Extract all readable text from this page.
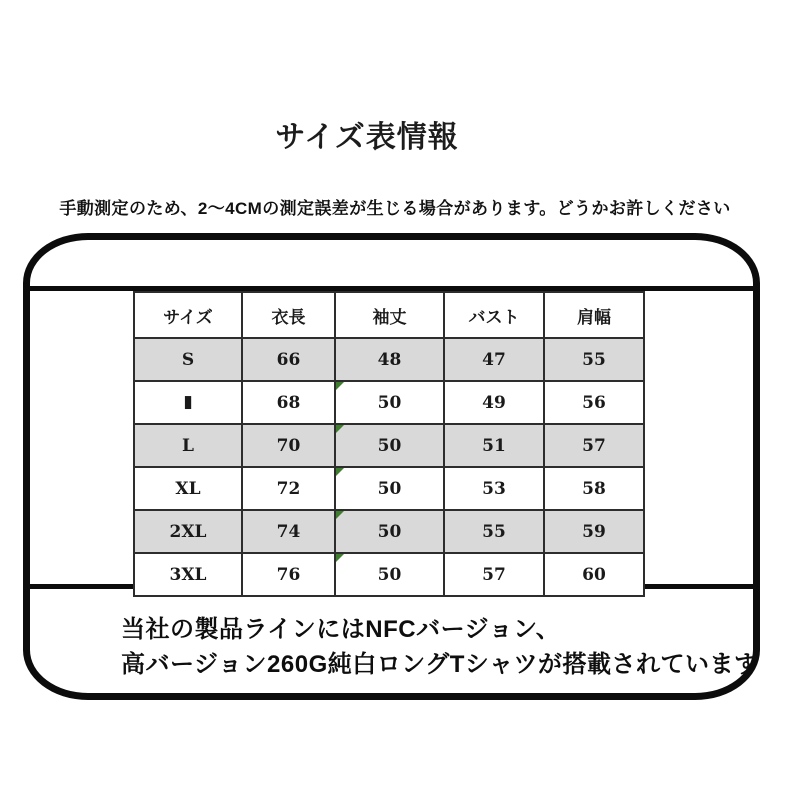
サイズ表情報
手動測定のため、2〜4CMの測定誤差が生じる場合があります。どうかお許しください
当社の製品ラインにはNFCバージョン、
高バージョン260G純白ロングTシャツが搭載されています
サイズ	衣長	袖丈	バスト	肩幅
S	66	48	47	55
▮	68	50	49	56
L	70	50	51	57
XL	72	50	53	58
2XL	74	50	55	59
3XL	76	50	57	60
